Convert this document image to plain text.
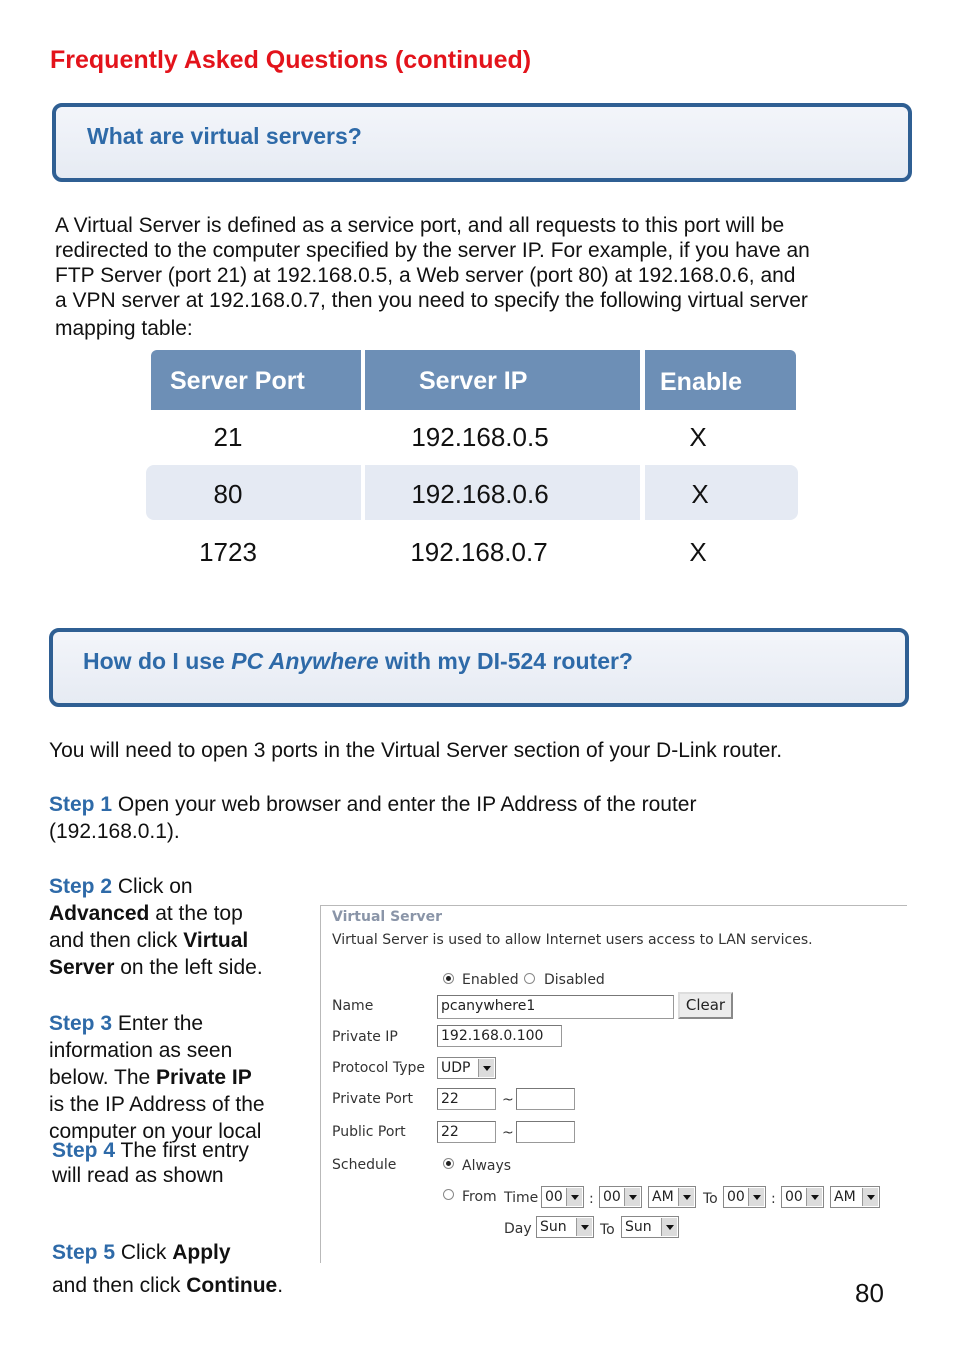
Frequently Asked Questions (continued)
What are virtual servers?

A Virtual Server is defined as a service port, and all requests to this port will be

redirected to the computer specified by the server IP. For example, if you have an

FTP Server (port 21) at 192.168.0.5, a Web server (port 80) at 192.168.0.6, and

a VPN server at 192.168.0.7, then you need to specify the following virtual server

mapping table:

Server Port	Server IP	Enable
21	192.168.0.5	X
80	192.168.0.6	X
1723	192.168.0.7	X
How do I use PC Anywhere with my DI-524 router?
You will need to open 3 ports in the Virtual Server section of your D-Link router.
Step 1 Open your web browser and enter the IP Address of the router
(192.168.0.1).
Step 2 Click on
Advanced at the top
and then click Virtual
Server on the left side.
Step 3 Enter the
information as seen
below. The Private IP
is the IP Address of the
computer on your local
Step 4 The first entry
will read as shown
Step 5 Click Apply
and then click Continue.	80
Virtual Server
Virtual Server is used to allow Internet users access to LAN services.
Enabled Disabled
Name	pcanywhere1	Clear
Private IP	192.168.0.100
Protocol Type UDP
Private Port 22	~
Public Port	22	~
Schedule	Always
From Time 00	: 00	AM	To 00	: 00	AM
Day Sun	To Sun
